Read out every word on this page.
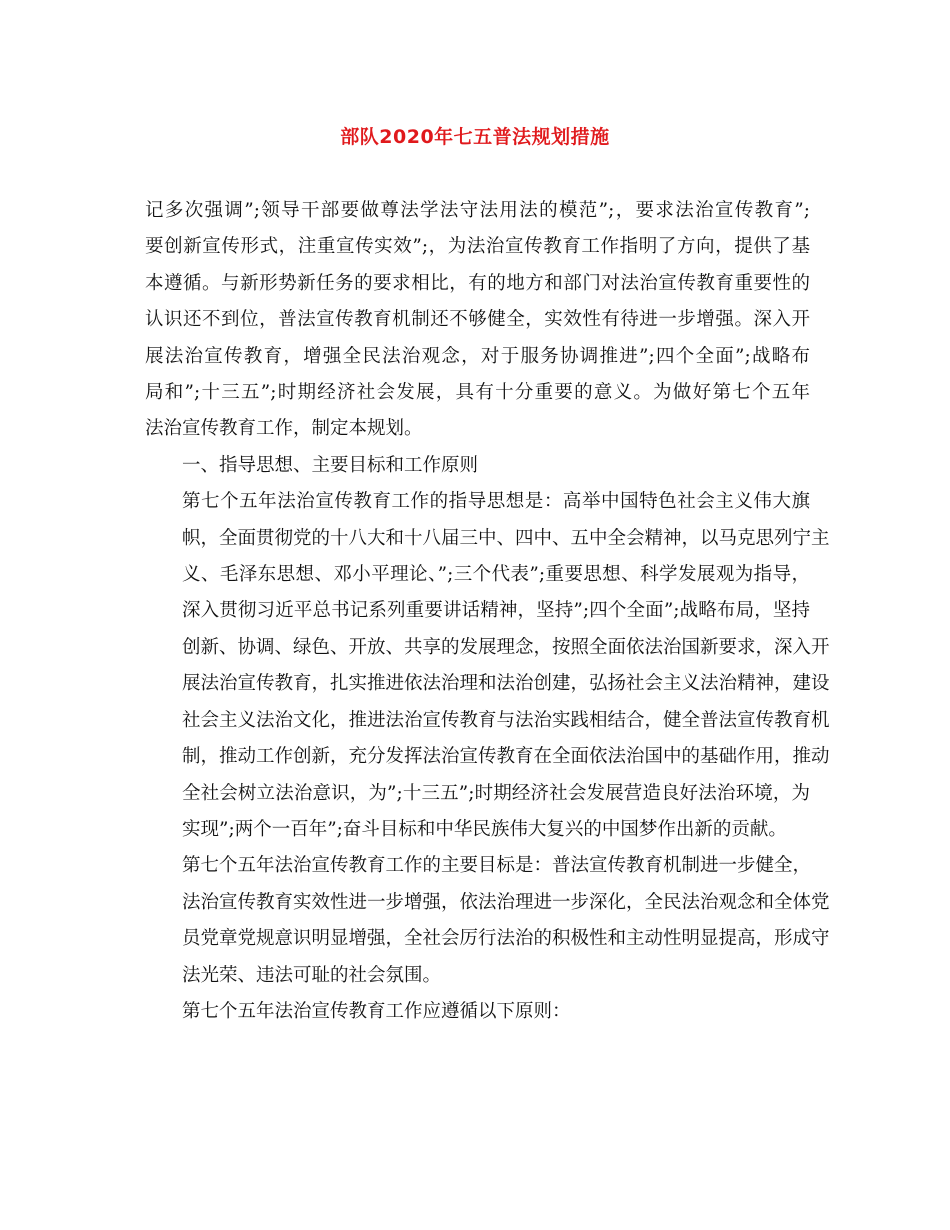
部队2020年七五普法规划措施

记多次强调”;领导干部要做尊法学法守法用法的模范”;，要求法治宣传教育”;
要创新宣传形式，注重宣传实效”;，为法治宣传教育工作指明了方向，提供了基
本遵循。与新形势新任务的要求相比，有的地方和部门对法治宣传教育重要性的
认识还不到位，普法宣传教育机制还不够健全，实效性有待进一步增强。深入开
展法治宣传教育，增强全民法治观念，对于服务协调推进”;四个全面”;战略布
局和”;十三五”;时期经济社会发展，具有十分重要的意义。为做好第七个五年
法治宣传教育工作，制定本规划。

一、指导思想、主要目标和工作原则

第七个五年法治宣传教育工作的指导思想是：高举中国特色社会主义伟大旗
帜，全面贯彻党的十八大和十八届三中、四中、五中全会精神，以马克思列宁主
义、毛泽东思想、邓小平理论、”;三个代表”;重要思想、科学发展观为指导，
深入贯彻习近平总书记系列重要讲话精神，坚持”;四个全面”;战略布局，坚持
创新、协调、绿色、开放、共享的发展理念，按照全面依法治国新要求，深入开
展法治宣传教育，扎实推进依法治理和法治创建，弘扬社会主义法治精神，建设
社会主义法治文化，推进法治宣传教育与法治实践相结合，健全普法宣传教育机
制，推动工作创新，充分发挥法治宣传教育在全面依法治国中的基础作用，推动
全社会树立法治意识，为”;十三五”;时期经济社会发展营造良好法治环境，为
实现”;两个一百年”;奋斗目标和中华民族伟大复兴的中国梦作出新的贡献。

第七个五年法治宣传教育工作的主要目标是：普法宣传教育机制进一步健全，
法治宣传教育实效性进一步增强，依法治理进一步深化，全民法治观念和全体党
员党章党规意识明显增强，全社会厉行法治的积极性和主动性明显提高，形成守
法光荣、违法可耻的社会氛围。

第七个五年法治宣传教育工作应遵循以下原则：
